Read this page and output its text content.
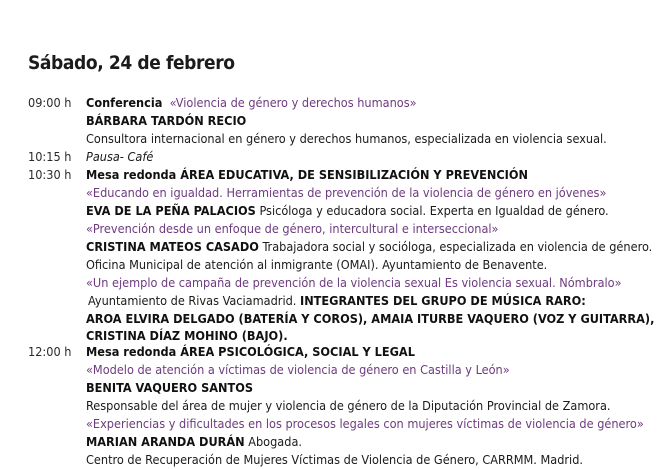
Sábado, 24 de febrero
09:00 h Conferencia  «Violencia de género y derechos humanos»
BÁRBARA TARDÓN RECIO
Consultora internacional en género y derechos humanos, especializada en violencia sexual.
10:15 h Pausa- Café
10:30 h Mesa redonda ÁREA EDUCATIVA, DE SENSIBILIZACIÓN Y PREVENCIÓN
«Educando en igualdad. Herramientas de prevención de la violencia de género en jóvenes»
EVA DE LA PEÑA PALACIOS Psicóloga y educadora social. Experta en Igualdad de género.
«Prevención desde un enfoque de género, intercultural e interseccional»
CRISTINA MATEOS CASADO Trabajadora social y socióloga, especializada en violencia de género.
Oficina Municipal de atención al inmigrante (OMAI). Ayuntamiento de Benavente.
«Un ejemplo de campaña de prevención de la violencia sexual Es violencia sexual. Nómbralo»
Ayuntamiento de Rivas Vaciamadrid. INTEGRANTES DEL GRUPO DE MÚSICA RARO:
AROA ELVIRA DELGADO (BATERÍA Y COROS), AMAIA ITURBE VAQUERO (VOZ Y GUITARRA),
CRISTINA DÍAZ MOHINO (BAJO).
12:00 h Mesa redonda ÁREA PSICOLÓGICA, SOCIAL Y LEGAL
«Modelo de atención a víctimas de violencia de género en Castilla y León»
BENITA VAQUERO SANTOS
Responsable del área de mujer y violencia de género de la Diputación Provincial de Zamora.
«Experiencias y dificultades en los procesos legales con mujeres víctimas de violencia de género»
MARIAN ARANDA DURÁN Abogada.
Centro de Recuperación de Mujeres Víctimas de Violencia de Género, CARRMM. Madrid.
